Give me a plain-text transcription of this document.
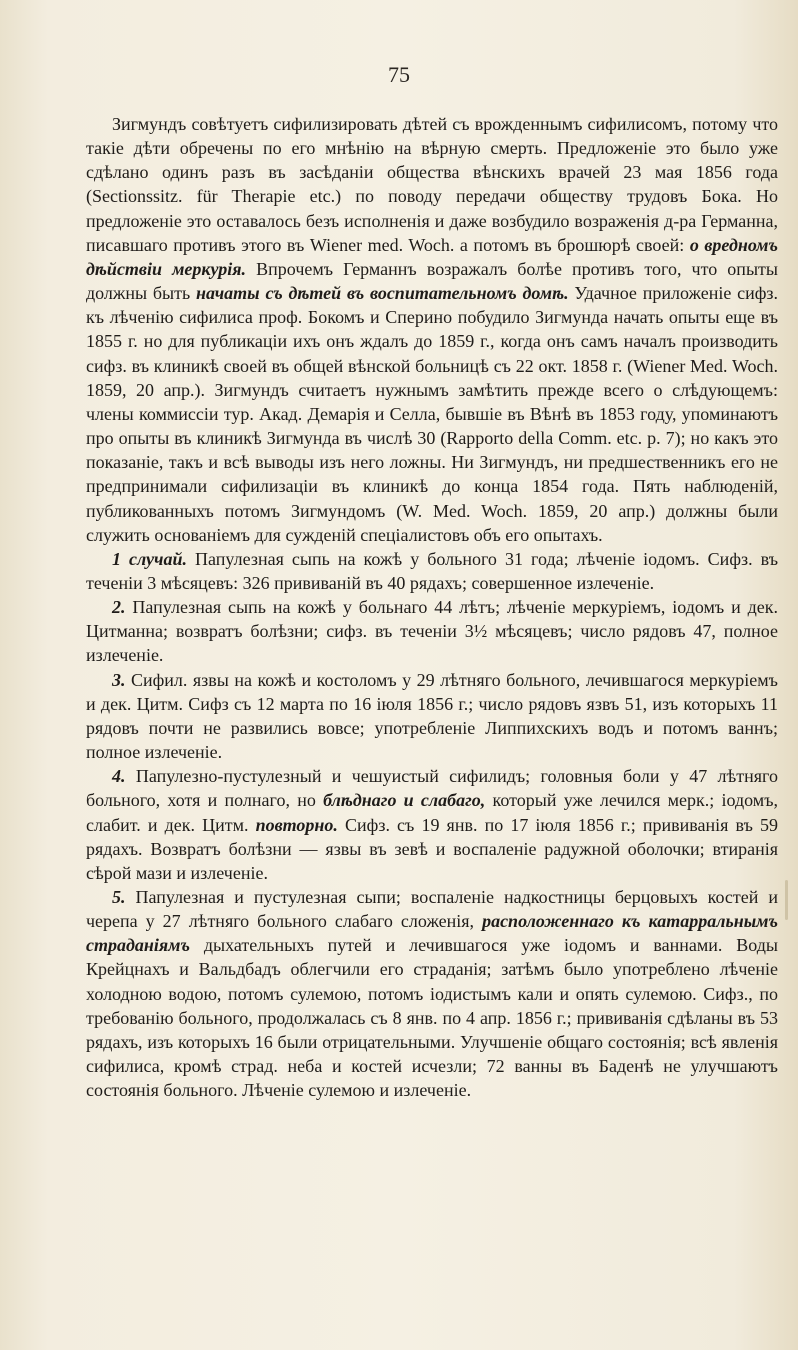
75

Зигмундъ совѣтуетъ сифилизировать дѣтей съ врожденнымъ сифилисомъ, потому что такіе дѣти обречены по его мнѣнію на вѣрную смерть. Предложеніе это было уже сдѣлано одинъ разъ въ засѣданіи общества вѣнскихъ врачей 23 мая 1856 года (Sectionssitz. für Therapie etc.) по поводу передачи обществу трудовъ Бока. Но предложеніе это оставалось безъ исполненія и даже возбудило возраженія д-ра Германна, писавшаго противъ этого въ Wiener med. Woch. а потомъ въ брошюрѣ своей: о вредномъ дѣйствіи меркурія. Впрочемъ Германнъ возражалъ болѣе противъ того, что опыты должны быть начаты съ дѣтей въ воспитательномъ домѣ. Удачное приложеніе сифз. къ лѣченію сифилиса проф. Бокомъ и Сперино побудило Зигмунда начать опыты еще въ 1855 г. но для публикаціи ихъ онъ ждалъ до 1859 г., когда онъ самъ началъ производить сифз. въ клиникѣ своей въ общей вѣнской больницѣ съ 22 окт. 1858 г. (Wiener Med. Woch. 1859, 20 апр.). Зигмундъ считаетъ нужнымъ замѣтить прежде всего о слѣдующемъ: члены коммиссіи тур. Акад. Демарія и Селла, бывшіе въ Вѣнѣ въ 1853 году, упоминаютъ про опыты въ клиникѣ Зигмунда въ числѣ 30 (Rapporto della Comm. etc. p. 7); но какъ это показаніе, такъ и всѣ выводы изъ него ложны. Ни Зигмундъ, ни предшественникъ его не предпринимали сифилизаціи въ клиникѣ до конца 1854 года. Пять наблюденій, публикованныхъ потомъ Зигмундомъ (W. Med. Woch. 1859, 20 апр.) должны были служить основаніемъ для сужденій спеціалистовъ объ его опытахъ.

1 случай. Папулезная сыпь на кожѣ у больного 31 года; лѣченіе іодомъ. Сифз. въ теченіи 3 мѣсяцевъ: 326 прививаній въ 40 рядахъ; совершенное излеченіе.

2. Папулезная сыпь на кожѣ у больнаго 44 лѣтъ; лѣченіе меркуріемъ, іодомъ и дек. Цитманна; возвратъ болѣзни; сифз. въ теченіи 3½ мѣсяцевъ; число рядовъ 47, полное излеченіе.

3. Сифил. язвы на кожѣ и костоломъ у 29 лѣтняго больного, лечившагося меркуріемъ и дек. Цитм. Сифз съ 12 марта по 16 іюля 1856 г.; число рядовъ язвъ 51, изъ которыхъ 11 рядовъ почти не развились вовсе; употребленіе Липпихскихъ водъ и потомъ ваннъ; полное излеченіе.

4. Папулезно-пустулезный и чешуистый сифилидъ; головныя боли у 47 лѣтняго больного, хотя и полнаго, но блѣднаго и слабаго, который уже лечился мерк.; іодомъ, слабит. и дек. Цитм. повторно. Сифз. съ 19 янв. по 17 іюля 1856 г.; прививанія въ 59 рядахъ. Возвратъ болѣзни — язвы въ зевѣ и воспаленіе радужной оболочки; втиранія сѣрой мази и излеченіе.

5. Папулезная и пустулезная сыпи; воспаленіе надкостницы берцовыхъ костей и черепа у 27 лѣтняго больного слабаго сложенія, расположеннаго къ катарральнымъ страданіямъ дыхательныхъ путей и лечившагося уже іодомъ и ваннами. Воды Крейцнахъ и Вальдбадъ облегчили его страданія; затѣмъ было употреблено лѣченіе холодною водою, потомъ сулемою, потомъ іодистымъ кали и опять сулемою. Сифз., по требованію больного, продолжалась съ 8 янв. по 4 апр. 1856 г.; прививанія сдѣланы въ 53 рядахъ, изъ которыхъ 16 были отрицательными. Улучшеніе общаго состоянія; всѣ явленія сифилиса, кромѣ страд. неба и костей исчезли; 72 ванны въ Баденѣ не улучшаютъ состоянія больного. Лѣченіе сулемою и излеченіе.
